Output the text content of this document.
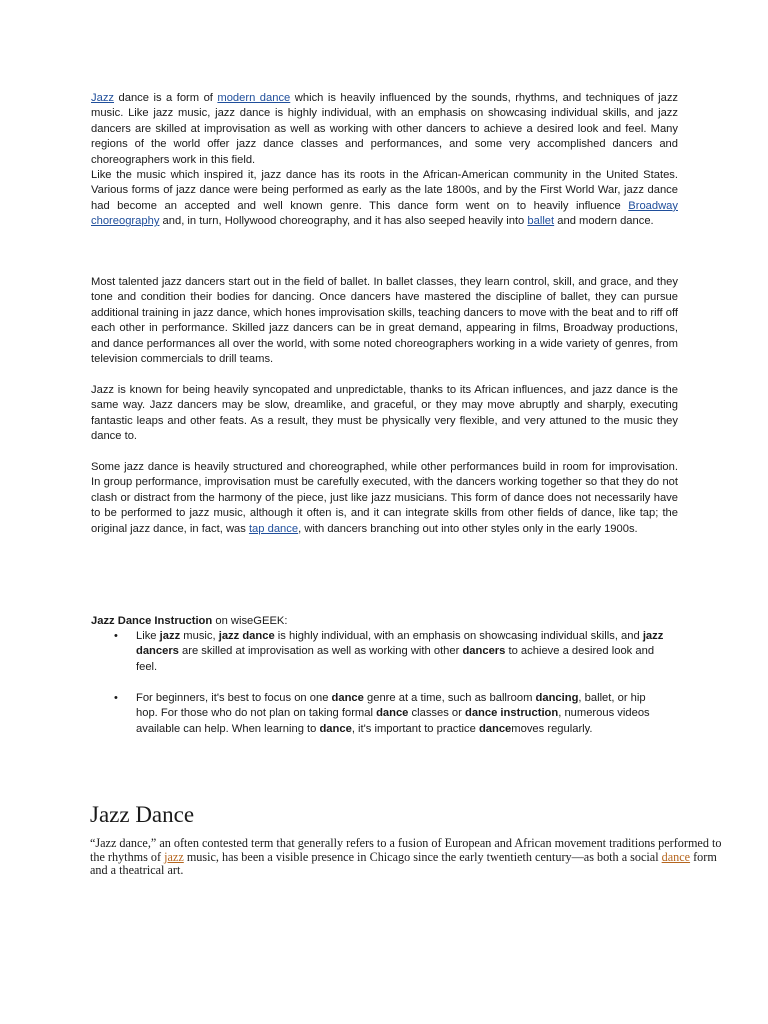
Jazz dance is a form of modern dance which is heavily influenced by the sounds, rhythms, and techniques of jazz music. Like jazz music, jazz dance is highly individual, with an emphasis on showcasing individual skills, and jazz dancers are skilled at improvisation as well as working with other dancers to achieve a desired look and feel. Many regions of the world offer jazz dance classes and performances, and some very accomplished dancers and choreographers work in this field.
Like the music which inspired it, jazz dance has its roots in the African-American community in the United States. Various forms of jazz dance were being performed as early as the late 1800s, and by the First World War, jazz dance had become an accepted and well known genre. This dance form went on to heavily influence Broadway choreography and, in turn, Hollywood choreography, and it has also seeped heavily into ballet and modern dance.

Most talented jazz dancers start out in the field of ballet. In ballet classes, they learn control, skill, and grace, and they tone and condition their bodies for dancing. Once dancers have mastered the discipline of ballet, they can pursue additional training in jazz dance, which hones improvisation skills, teaching dancers to move with the beat and to riff off each other in performance. Skilled jazz dancers can be in great demand, appearing in films, Broadway productions, and dance performances all over the world, with some noted choreographers working in a wide variety of genres, from television commercials to drill teams.

Jazz is known for being heavily syncopated and unpredictable, thanks to its African influences, and jazz dance is the same way. Jazz dancers may be slow, dreamlike, and graceful, or they may move abruptly and sharply, executing fantastic leaps and other feats. As a result, they must be physically very flexible, and very attuned to the music they dance to.

Some jazz dance is heavily structured and choreographed, while other performances build in room for improvisation. In group performance, improvisation must be carefully executed, with the dancers working together so that they do not clash or distract from the harmony of the piece, just like jazz musicians. This form of dance does not necessarily have to be performed to jazz music, although it often is, and it can integrate skills from other fields of dance, like tap; the original jazz dance, in fact, was tap dance, with dancers branching out into other styles only in the early 1900s.

Jazz Dance Instruction on wiseGEEK:

• Like jazz music, jazz dance is highly individual, with an emphasis on showcasing individual skills, and jazz dancers are skilled at improvisation as well as working with other dancers to achieve a desired look and feel.

• For beginners, it's best to focus on one dance genre at a time, such as ballroom dancing, ballet, or hip hop. For those who do not plan on taking formal dance classes or dance instruction, numerous videos available can help. When learning to dance, it's important to practice dancemoves regularly.

Jazz Dance

“Jazz dance,” an often contested term that generally refers to a fusion of European and African movement traditions performed to
the rhythms of jazz music, has been a visible presence in Chicago since the early twentieth century—as both a social dance form
and a theatrical art.
